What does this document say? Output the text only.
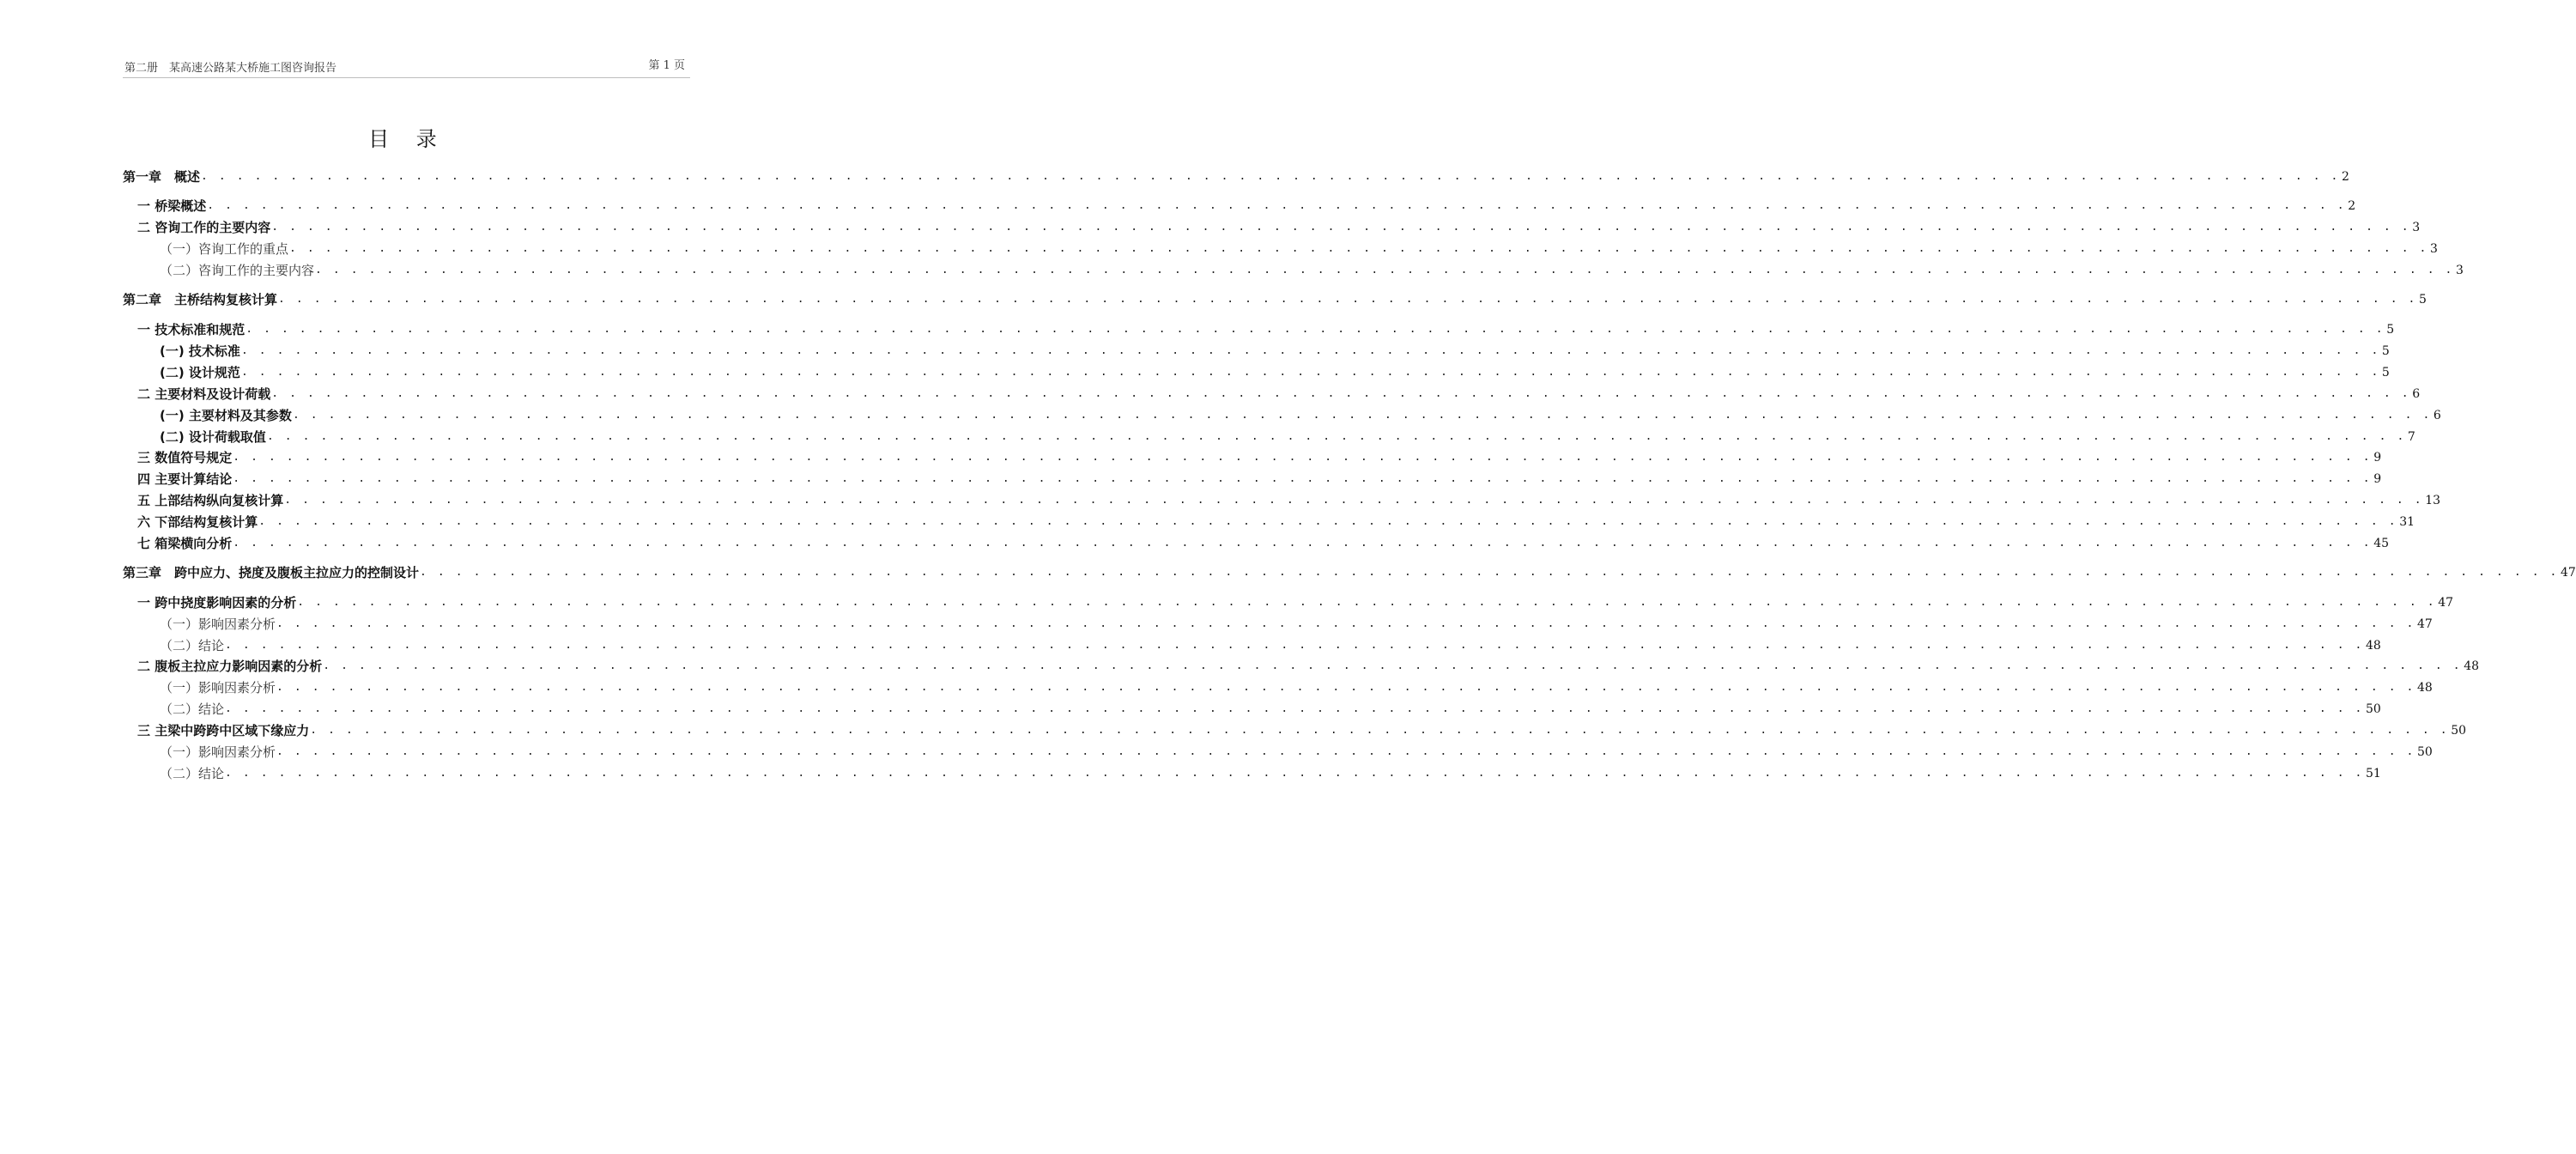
第二册　某高速公路某大桥施工图咨询报告	第 1 页
目 录
第一章　概述 . . . . . . . . . . . . . . . . . . . . . . . . . . . . . . . . . . . . . . . . . . . . . . . . . . . . . . . . . . . . . . . . . . . . . . . . . . . . . . . . . . . . . . . . . . . . . . . . . . . . . . . . . . . . . . . . . . . . . . . . 2
一 桥梁概述 . . . . . . . . . . . . . . . . . . . . . . . . . . . . . . . . . . . . . . . . . . . . . . . . . . . . . . . . . . . . . . . . . . . . . . . . . . . . . . . . . . . . . . . . . . . . . . . . . . . . . . . . . . . . . . . . . . . . . . . . 2
二 咨询工作的主要内容 . . . . . . . . . . . . . . . . . . . . . . . . . . . . . . . . . . . . . . . . . . . . . . . . . . . . . . . . . . . . . . . . . . . . . . . . . . . . . . . . . . . . . . . . . . . . . . . . . . . . . . . . . . . . . . . . . . . . . . . . 3
（一）咨询工作的重点 . . . . . . . . . . . . . . . . . . . . . . . . . . . . . . . . . . . . . . . . . . . . . . . . . . . . . . . . . . . . . . . . . . . . . . . . . . . . . . . . . . . . . . . . . . . . . . . . . . . . . . . . . . . . . . . . . . . . . . . . 3
（二）咨询工作的主要内容 . . . . . . . . . . . . . . . . . . . . . . . . . . . . . . . . . . . . . . . . . . . . . . . . . . . . . . . . . . . . . . . . . . . . . . . . . . . . . . . . . . . . . . . . . . . . . . . . . . . . . . . . . . . . . . . . . . . . . . . . 3
第二章　主桥结构复核计算 . . . . . . . . . . . . . . . . . . . . . . . . . . . . . . . . . . . . . . . . . . . . . . . . . . . . . . . . . . . . . . . . . . . . . . . . . . . . . . . . . . . . . . . . . . . . . . . . . . . . . . . . . . . . . . . . . . . . . . . . 5
一 技术标准和规范 . . . . . . . . . . . . . . . . . . . . . . . . . . . . . . . . . . . . . . . . . . . . . . . . . . . . . . . . . . . . . . . . . . . . . . . . . . . . . . . . . . . . . . . . . . . . . . . . . . . . . . . . . . . . . . . . . . . . . . . . 5
(一) 技术标准 . . . . . . . . . . . . . . . . . . . . . . . . . . . . . . . . . . . . . . . . . . . . . . . . . . . . . . . . . . . . . . . . . . . . . . . . . . . . . . . . . . . . . . . . . . . . . . . . . . . . . . . . . . . . . . . . . . . . . . . . 5
(二) 设计规范 . . . . . . . . . . . . . . . . . . . . . . . . . . . . . . . . . . . . . . . . . . . . . . . . . . . . . . . . . . . . . . . . . . . . . . . . . . . . . . . . . . . . . . . . . . . . . . . . . . . . . . . . . . . . . . . . . . . . . . . . 5
二 主要材料及设计荷载 . . . . . . . . . . . . . . . . . . . . . . . . . . . . . . . . . . . . . . . . . . . . . . . . . . . . . . . . . . . . . . . . . . . . . . . . . . . . . . . . . . . . . . . . . . . . . . . . . . . . . . . . . . . . . . . . . . . . . . . . 6
(一) 主要材料及其参数 . . . . . . . . . . . . . . . . . . . . . . . . . . . . . . . . . . . . . . . . . . . . . . . . . . . . . . . . . . . . . . . . . . . . . . . . . . . . . . . . . . . . . . . . . . . . . . . . . . . . . . . . . . . . . . . . . . . . . . . . 6
(二) 设计荷载取值 . . . . . . . . . . . . . . . . . . . . . . . . . . . . . . . . . . . . . . . . . . . . . . . . . . . . . . . . . . . . . . . . . . . . . . . . . . . . . . . . . . . . . . . . . . . . . . . . . . . . . . . . . . . . . . . . . . . . . . . . 7
三 数值符号规定 . . . . . . . . . . . . . . . . . . . . . . . . . . . . . . . . . . . . . . . . . . . . . . . . . . . . . . . . . . . . . . . . . . . . . . . . . . . . . . . . . . . . . . . . . . . . . . . . . . . . . . . . . . . . . . . . . . . . . . . . 9
四 主要计算结论 . . . . . . . . . . . . . . . . . . . . . . . . . . . . . . . . . . . . . . . . . . . . . . . . . . . . . . . . . . . . . . . . . . . . . . . . . . . . . . . . . . . . . . . . . . . . . . . . . . . . . . . . . . . . . . . . . . . . . . . . 9
五 上部结构纵向复核计算 . . . . . . . . . . . . . . . . . . . . . . . . . . . . . . . . . . . . . . . . . . . . . . . . . . . . . . . . . . . . . . . . . . . . . . . . . . . . . . . . . . . . . . . . . . . . . . . . . . . . . . . . . . . . . . . . . . . . . . . . 13
六 下部结构复核计算 . . . . . . . . . . . . . . . . . . . . . . . . . . . . . . . . . . . . . . . . . . . . . . . . . . . . . . . . . . . . . . . . . . . . . . . . . . . . . . . . . . . . . . . . . . . . . . . . . . . . . . . . . . . . . . . . . . . . . . . . 31
七 箱梁横向分析 . . . . . . . . . . . . . . . . . . . . . . . . . . . . . . . . . . . . . . . . . . . . . . . . . . . . . . . . . . . . . . . . . . . . . . . . . . . . . . . . . . . . . . . . . . . . . . . . . . . . . . . . . . . . . . . . . . . . . . . . 45
第三章　跨中应力、挠度及腹板主拉应力的控制设计 . . . . . . . . . . . . . . . . . . . . . . . . . . . . . . . . . . . . . . . . . . . . . . . . . . . . . . . . . . . . . . . . . . . . . . . . . . . . . . . . . . . . . . . . . . . . . . . . . . . . . . . . . . . . . . . . . . . . . . . . 47
一 跨中挠度影响因素的分析 . . . . . . . . . . . . . . . . . . . . . . . . . . . . . . . . . . . . . . . . . . . . . . . . . . . . . . . . . . . . . . . . . . . . . . . . . . . . . . . . . . . . . . . . . . . . . . . . . . . . . . . . . . . . . . . . . . . . . . . . 47
（一）影响因素分析 . . . . . . . . . . . . . . . . . . . . . . . . . . . . . . . . . . . . . . . . . . . . . . . . . . . . . . . . . . . . . . . . . . . . . . . . . . . . . . . . . . . . . . . . . . . . . . . . . . . . . . . . . . . . . . . . . . . . . . . . 47
（二）结论 . . . . . . . . . . . . . . . . . . . . . . . . . . . . . . . . . . . . . . . . . . . . . . . . . . . . . . . . . . . . . . . . . . . . . . . . . . . . . . . . . . . . . . . . . . . . . . . . . . . . . . . . . . . . . . . . . . . . . . . . 48
二 腹板主拉应力影响因素的分析 . . . . . . . . . . . . . . . . . . . . . . . . . . . . . . . . . . . . . . . . . . . . . . . . . . . . . . . . . . . . . . . . . . . . . . . . . . . . . . . . . . . . . . . . . . . . . . . . . . . . . . . . . . . . . . . . . . . . . . . . 48
（一）影响因素分析 . . . . . . . . . . . . . . . . . . . . . . . . . . . . . . . . . . . . . . . . . . . . . . . . . . . . . . . . . . . . . . . . . . . . . . . . . . . . . . . . . . . . . . . . . . . . . . . . . . . . . . . . . . . . . . . . . . . . . . . . 48
（二）结论 . . . . . . . . . . . . . . . . . . . . . . . . . . . . . . . . . . . . . . . . . . . . . . . . . . . . . . . . . . . . . . . . . . . . . . . . . . . . . . . . . . . . . . . . . . . . . . . . . . . . . . . . . . . . . . . . . . . . . . . . 50
三 主梁中跨跨中区域下缘应力 . . . . . . . . . . . . . . . . . . . . . . . . . . . . . . . . . . . . . . . . . . . . . . . . . . . . . . . . . . . . . . . . . . . . . . . . . . . . . . . . . . . . . . . . . . . . . . . . . . . . . . . . . . . . . . . . . . . . . . . . 50
（一）影响因素分析 . . . . . . . . . . . . . . . . . . . . . . . . . . . . . . . . . . . . . . . . . . . . . . . . . . . . . . . . . . . . . . . . . . . . . . . . . . . . . . . . . . . . . . . . . . . . . . . . . . . . . . . . . . . . . . . . . . . . . . . . 50
（二）结论 . . . . . . . . . . . . . . . . . . . . . . . . . . . . . . . . . . . . . . . . . . . . . . . . . . . . . . . . . . . . . . . . . . . . . . . . . . . . . . . . . . . . . . . . . . . . . . . . . . . . . . . . . . . . . . . . . . . . . . . . 51
